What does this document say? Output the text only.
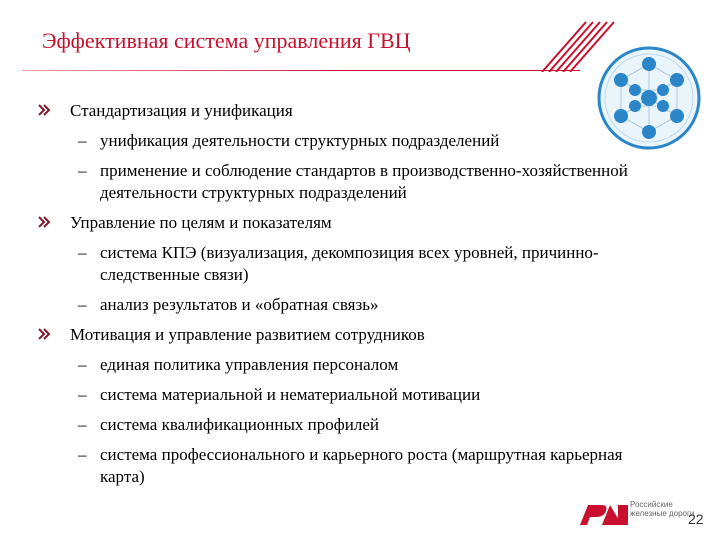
Эффективная система управления ГВЦ
Стандартизация и унификация
– унификация деятельности структурных подразделений
– применение и соблюдение стандартов в производственно-хозяйственной деятельности структурных подразделений
Управление по целям и показателям
– система КПЭ (визуализация, декомпозиция всех уровней, причинно-следственные связи)
– анализ результатов и «обратная связь»
Мотивация и управление развитием сотрудников
– единая политика управления персоналом
– система материальной и нематериальной мотивации
– система квалификационных профилей
– система профессионального и карьерного роста (маршрутная карьерная карта)
Российские
железные дороги
22
